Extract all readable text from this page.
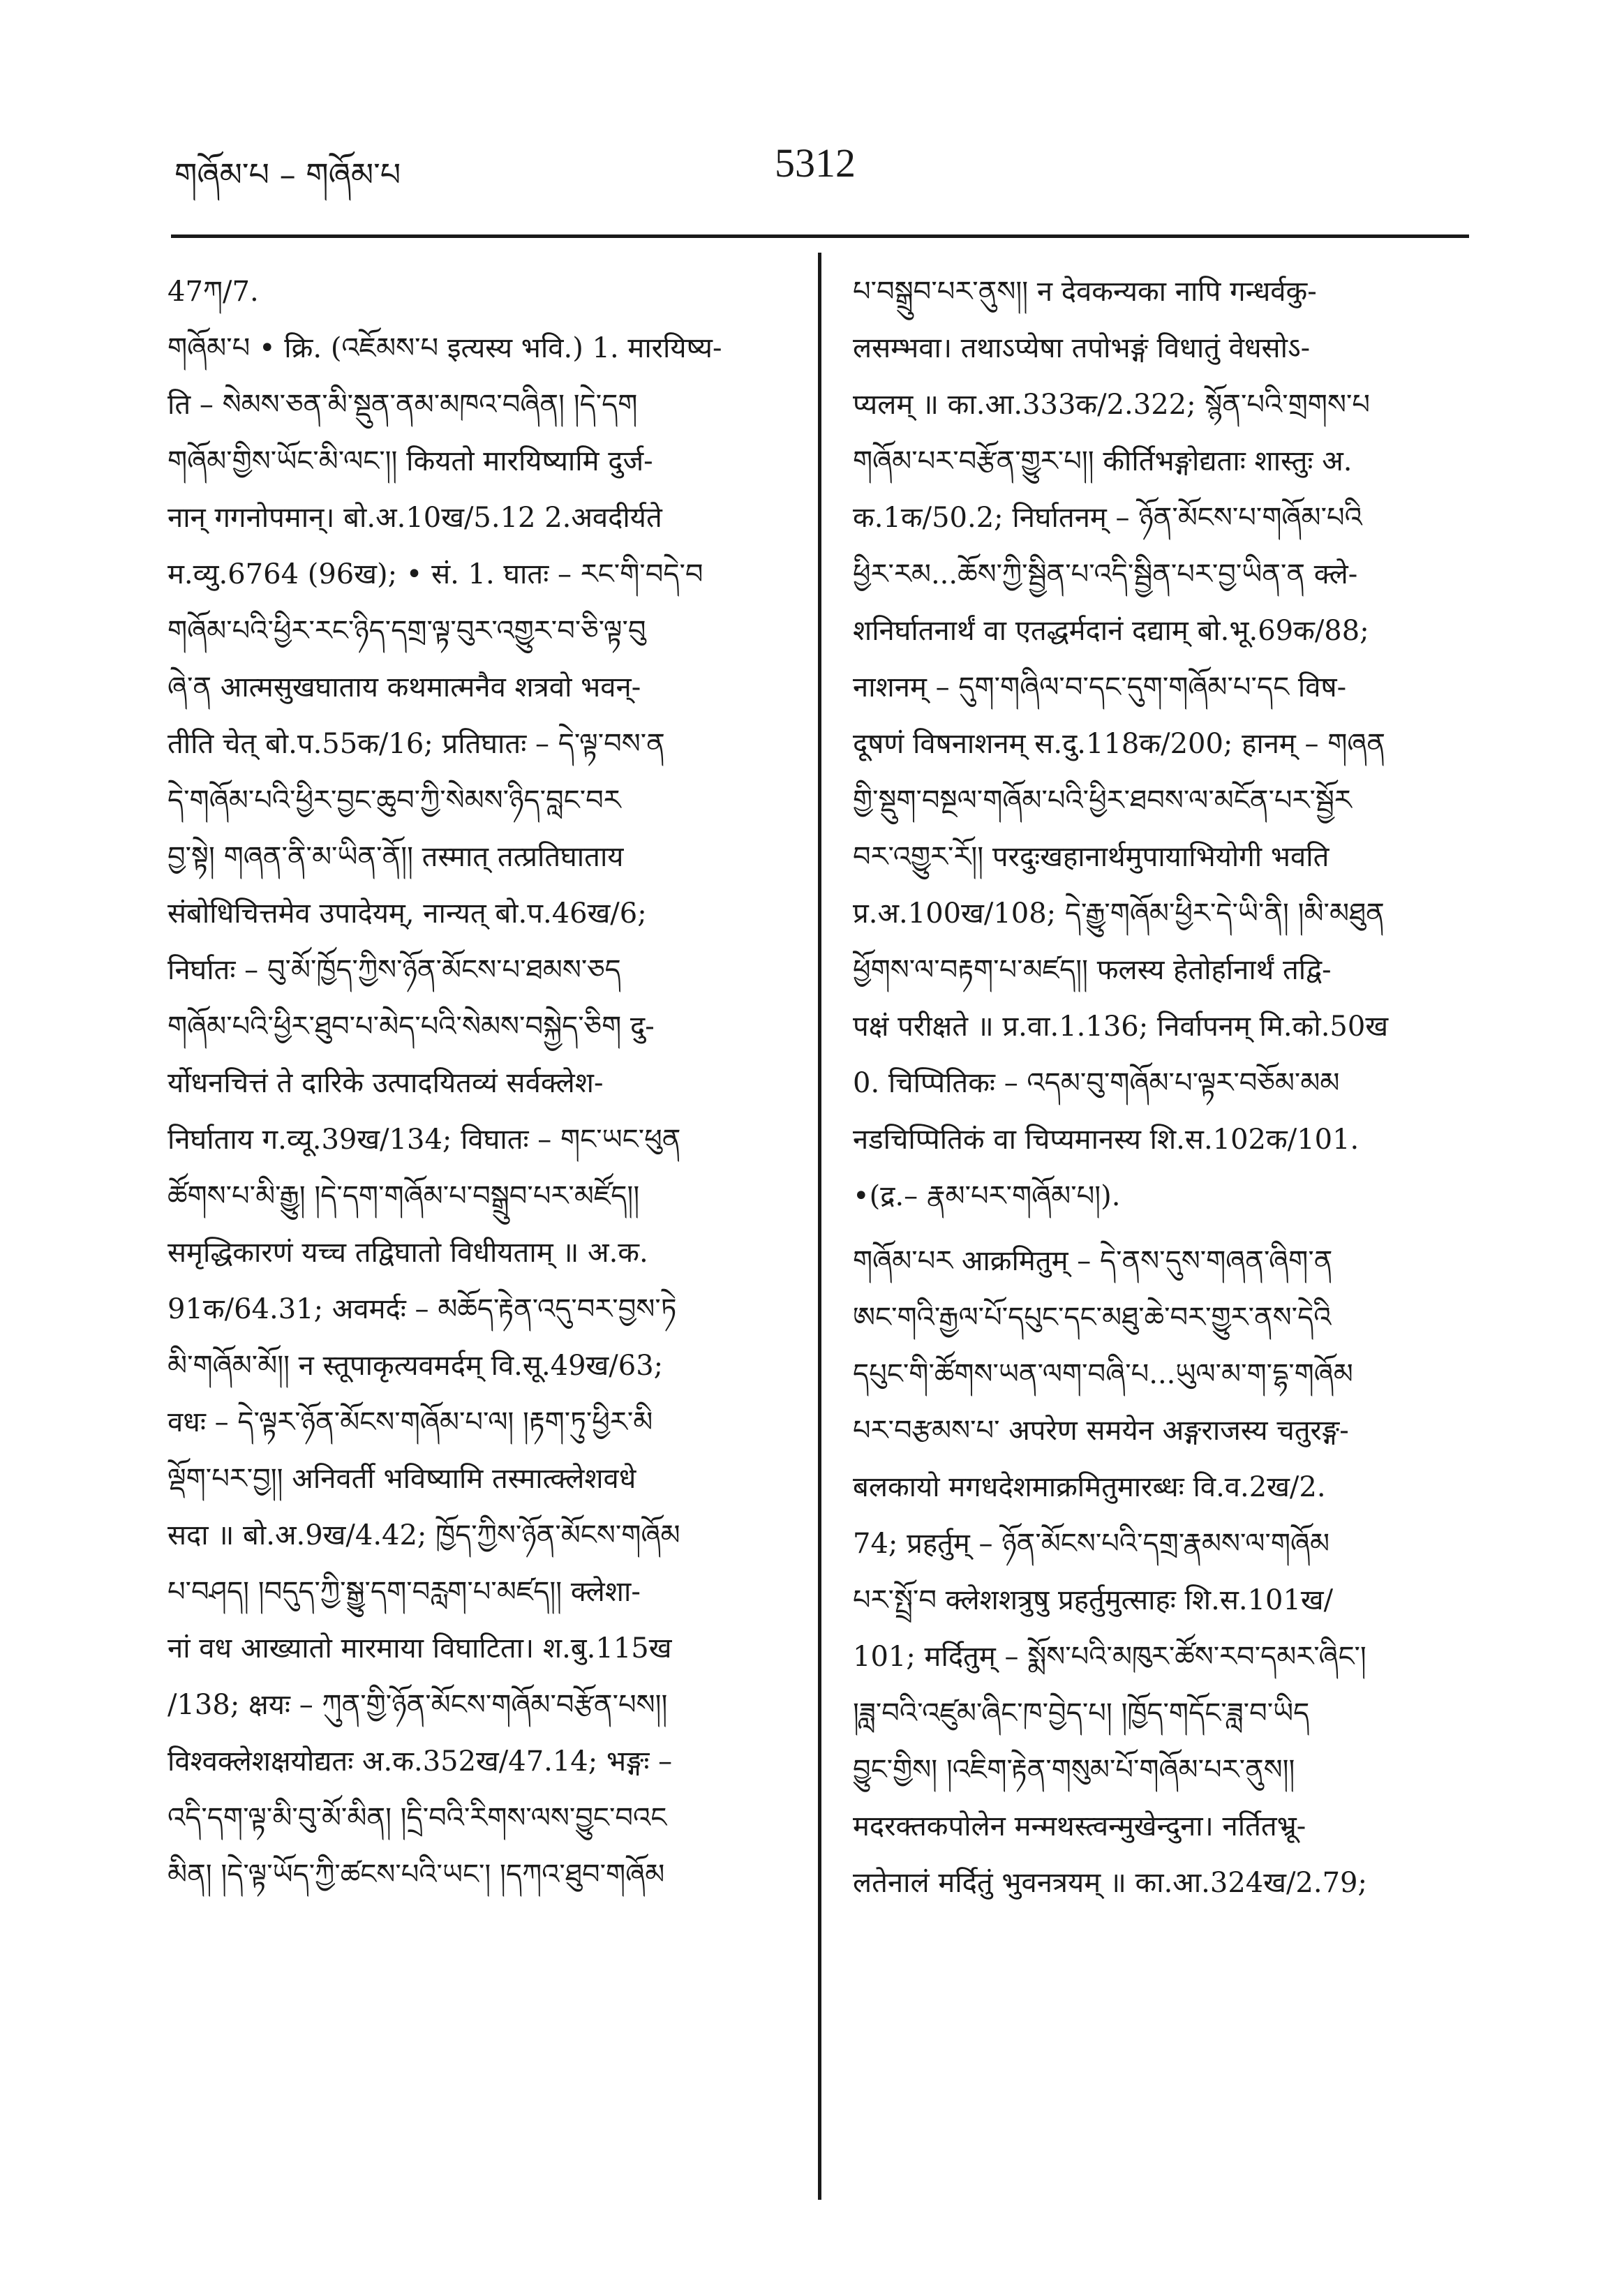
གཞོམ་པ – གཞོམ་པ	5312
47ཀ/7.
གཞོམ་པ • क्रि. (འཇོམས་པ इत्यस्य भवि.) 1. मारयिष्य-
ति – སེམས་ཅན་མི་སྡུན་ནམ་མཁའ་བཞིན། །དེ་དག
གཞོམ་གྱིས་ཡོང་མི་ལང་།། कियतो मारयिष्यामि दुर्ज-
नान् गगनोपमान्। बो.अ.10ख/5.12 2.अवदीर्यते
म.व्यु.6764 (96ख); • सं. 1. घातः – རང་གི་བདེ་བ
གཞོམ་པའི་ཕྱིར་རང་ཉིད་དགྲ་ལྟ་བུར་འགྱུར་བ་ཅི་ལྟ་བུ
ཞེ་ན आत्मसुखघाताय कथमात्मनैव शत्रवो भवन्-
तीति चेत् बो.प.55क/16; प्रतिघातः – དེ་ལྟ་བས་ན
དེ་གཞོམ་པའི་ཕྱིར་བྱང་ཆུབ་ཀྱི་སེམས་ཉིད་བླང་བར
བྱ་སྟེ། གཞན་ནི་མ་ཡིན་ནོ།། तस्मात् तत्प्रतिघाताय
संबोधिचित्तमेव उपादेयम्, नान्यत् बो.प.46ख/6;
निर्घातः – བུ་མོ་ཁྱོད་ཀྱིས་ཉོན་མོངས་པ་ཐམས་ཅད
གཞོམ་པའི་ཕྱིར་ཐུབ་པ་མེད་པའི་སེམས་བསྐྱེད་ཅིག दु-
र्योधनचित्तं ते दारिके उत्पादयितव्यं सर्वक्लेश-
निर्घाताय ग.व्यू.39ख/134; विघातः – གང་ཡང་ཕུན
ཚོགས་པ་མི་རྒྱུ། །དེ་དག་གཞོམ་པ་བསྒྲུབ་པར་མཛོད།།
समृद्धिकारणं यच्च तद्विघातो विधीयताम् ॥ अ.क.
91क/64.31; अवमर्दः – མཆོད་རྟེན་འདུ་བར་བྱས་ཏེ
མི་གཞོམ་མོ།། न स्तूपाकृत्यवमर्दम् वि.सू.49ख/63;
वधः – དེ་ལྟར་ཉོན་མོངས་གཞོམ་པ་ལ། །རྟག་ཏུ་ཕྱིར་མི
ལྡོག་པར་བྱ།། अनिवर्ती भविष्यामि तस्मात्क्लेशवधे
सदा ॥ बो.अ.9ख/4.42; ཁྱོད་ཀྱིས་ཉོན་མོངས་གཞོམ
པ་བཤད། །བདུད་ཀྱི་སྒྱུ་དག་བརླག་པ་མཛད།། क्लेशा-
नां वध आख्यातो मारमाया विघाटिता। श.बु.115ख
/138; क्षयः – ཀུན་གྱི་ཉོན་མོངས་གཞོམ་བརྩོན་པས།།
विश्वक्लेशक्षयोद्यतः अ.क.352ख/47.14; भङ्गः –
འདི་དག་ལྟ་མི་བུ་མོ་མིན། །དྲི་བའི་རིགས་ལས་བྱུང་བའང
མིན། །དེ་ལྟ་ཡོད་ཀྱི་ཚངས་པའི་ཡང་། །དཀའ་ཐུབ་གཞོམ
པ་བསྒྲུབ་པར་ནུས།། न देवकन्यका नापि गन्धर्वकु-
लसम्भवा। तथाऽप्येषा तपोभङ्गं विधातुं वेधसोऽ-
प्यलम् ॥ का.आ.333क/2.322; སྙོན་པའི་གྲགས་པ
གཞོམ་པར་བརྩོན་གྱུར་པ།། कीर्तिभङ्गोद्यताः शास्तुः अ.
क.1क/50.2; निर्घातनम् – ཉོན་མོངས་པ་གཞོམ་པའི
ཕྱིར་རམ...ཆོས་ཀྱི་སྦྱིན་པ་འདི་སྦྱིན་པར་བྱ་ཡིན་ན क्ले-
शनिर्घातनार्थं वा एतद्धर्मदानं दद्याम् बो.भू.69क/88;
नाशनम् – དུག་གཞིལ་བ་དང་དུག་གཞོམ་པ་དང विष-
दूषणं विषनाशनम् स.दु.118क/200; हानम् – གཞན
གྱི་སྡུག་བསྔལ་གཞོམ་པའི་ཕྱིར་ཐབས་ལ་མངོན་པར་སྦྱོར
བར་འགྱུར་རོ།། परदुःखहानार्थमुपायाभियोगी भवति
प्र.अ.100ख/108; དེ་རྒྱུ་གཞོམ་ཕྱིར་དེ་ཡི་ནི། །མི་མཐུན
ཕྱོགས་ལ་བརྟག་པ་མཛད།། फलस्य हेतोर्हानार्थं तद्वि-
पक्षं परीक्षते ॥ प्र.वा.1.136; निर्वापनम् मि.को.50ख
0. चिप्पितिकः – འདམ་བུ་གཞོམ་པ་ལྟར་བཅོམ་མམ
नडचिप्पितिकं वा चिप्यमानस्य शि.स.102क/101.
•(द्र.– རྣམ་པར་གཞོམ་པ།).
གཞོམ་པར आक्रमितुम् – དེ་ནས་དུས་གཞན་ཞིག་ན
ཨང་གའི་རྒྱལ་པོ་དཔུང་དང་མཐུ་ཆེ་བར་གྱུར་ནས་དེའི
དཔུང་གི་ཚོགས་ཡན་ལག་བཞི་པ...ཡུལ་མ་ག་དྷ་གཞོམ
པར་བརྩམས་པ་ अपरेण समयेन अङ्गराजस्य चतुरङ्ग-
बलकायो मगधदेशमाक्रमितुमारब्धः वि.व.2ख/2.
74; प्रहर्तुम् – ཉོན་མོངས་པའི་དགྲ་རྣམས་ལ་གཞོམ
པར་སྤྲོ་བ क्लेशशत्रुषु प्रहर्तुमुत्साहः शि.स.101ख/
101; मर्दितुम् – སྨོས་པའི་མཁུར་ཚོས་རབ་དམར་ཞིང་།
།ཟླ་བའི་འཛུམ་ཞིང་ཁ་བྱེད་པ། །ཁྱོད་གདོང་ཟླ་བ་ཡིད
བྱུང་གྱིས། །འཇིག་རྟེན་གསུམ་པོ་གཞོམ་པར་ནུས།།
मदरक्तकपोलेन मन्मथस्त्वन्मुखेन्दुना। नर्तितभ्रू-
लतेनालं मर्दितुं भुवनत्रयम् ॥ का.आ.324ख/2.79;
